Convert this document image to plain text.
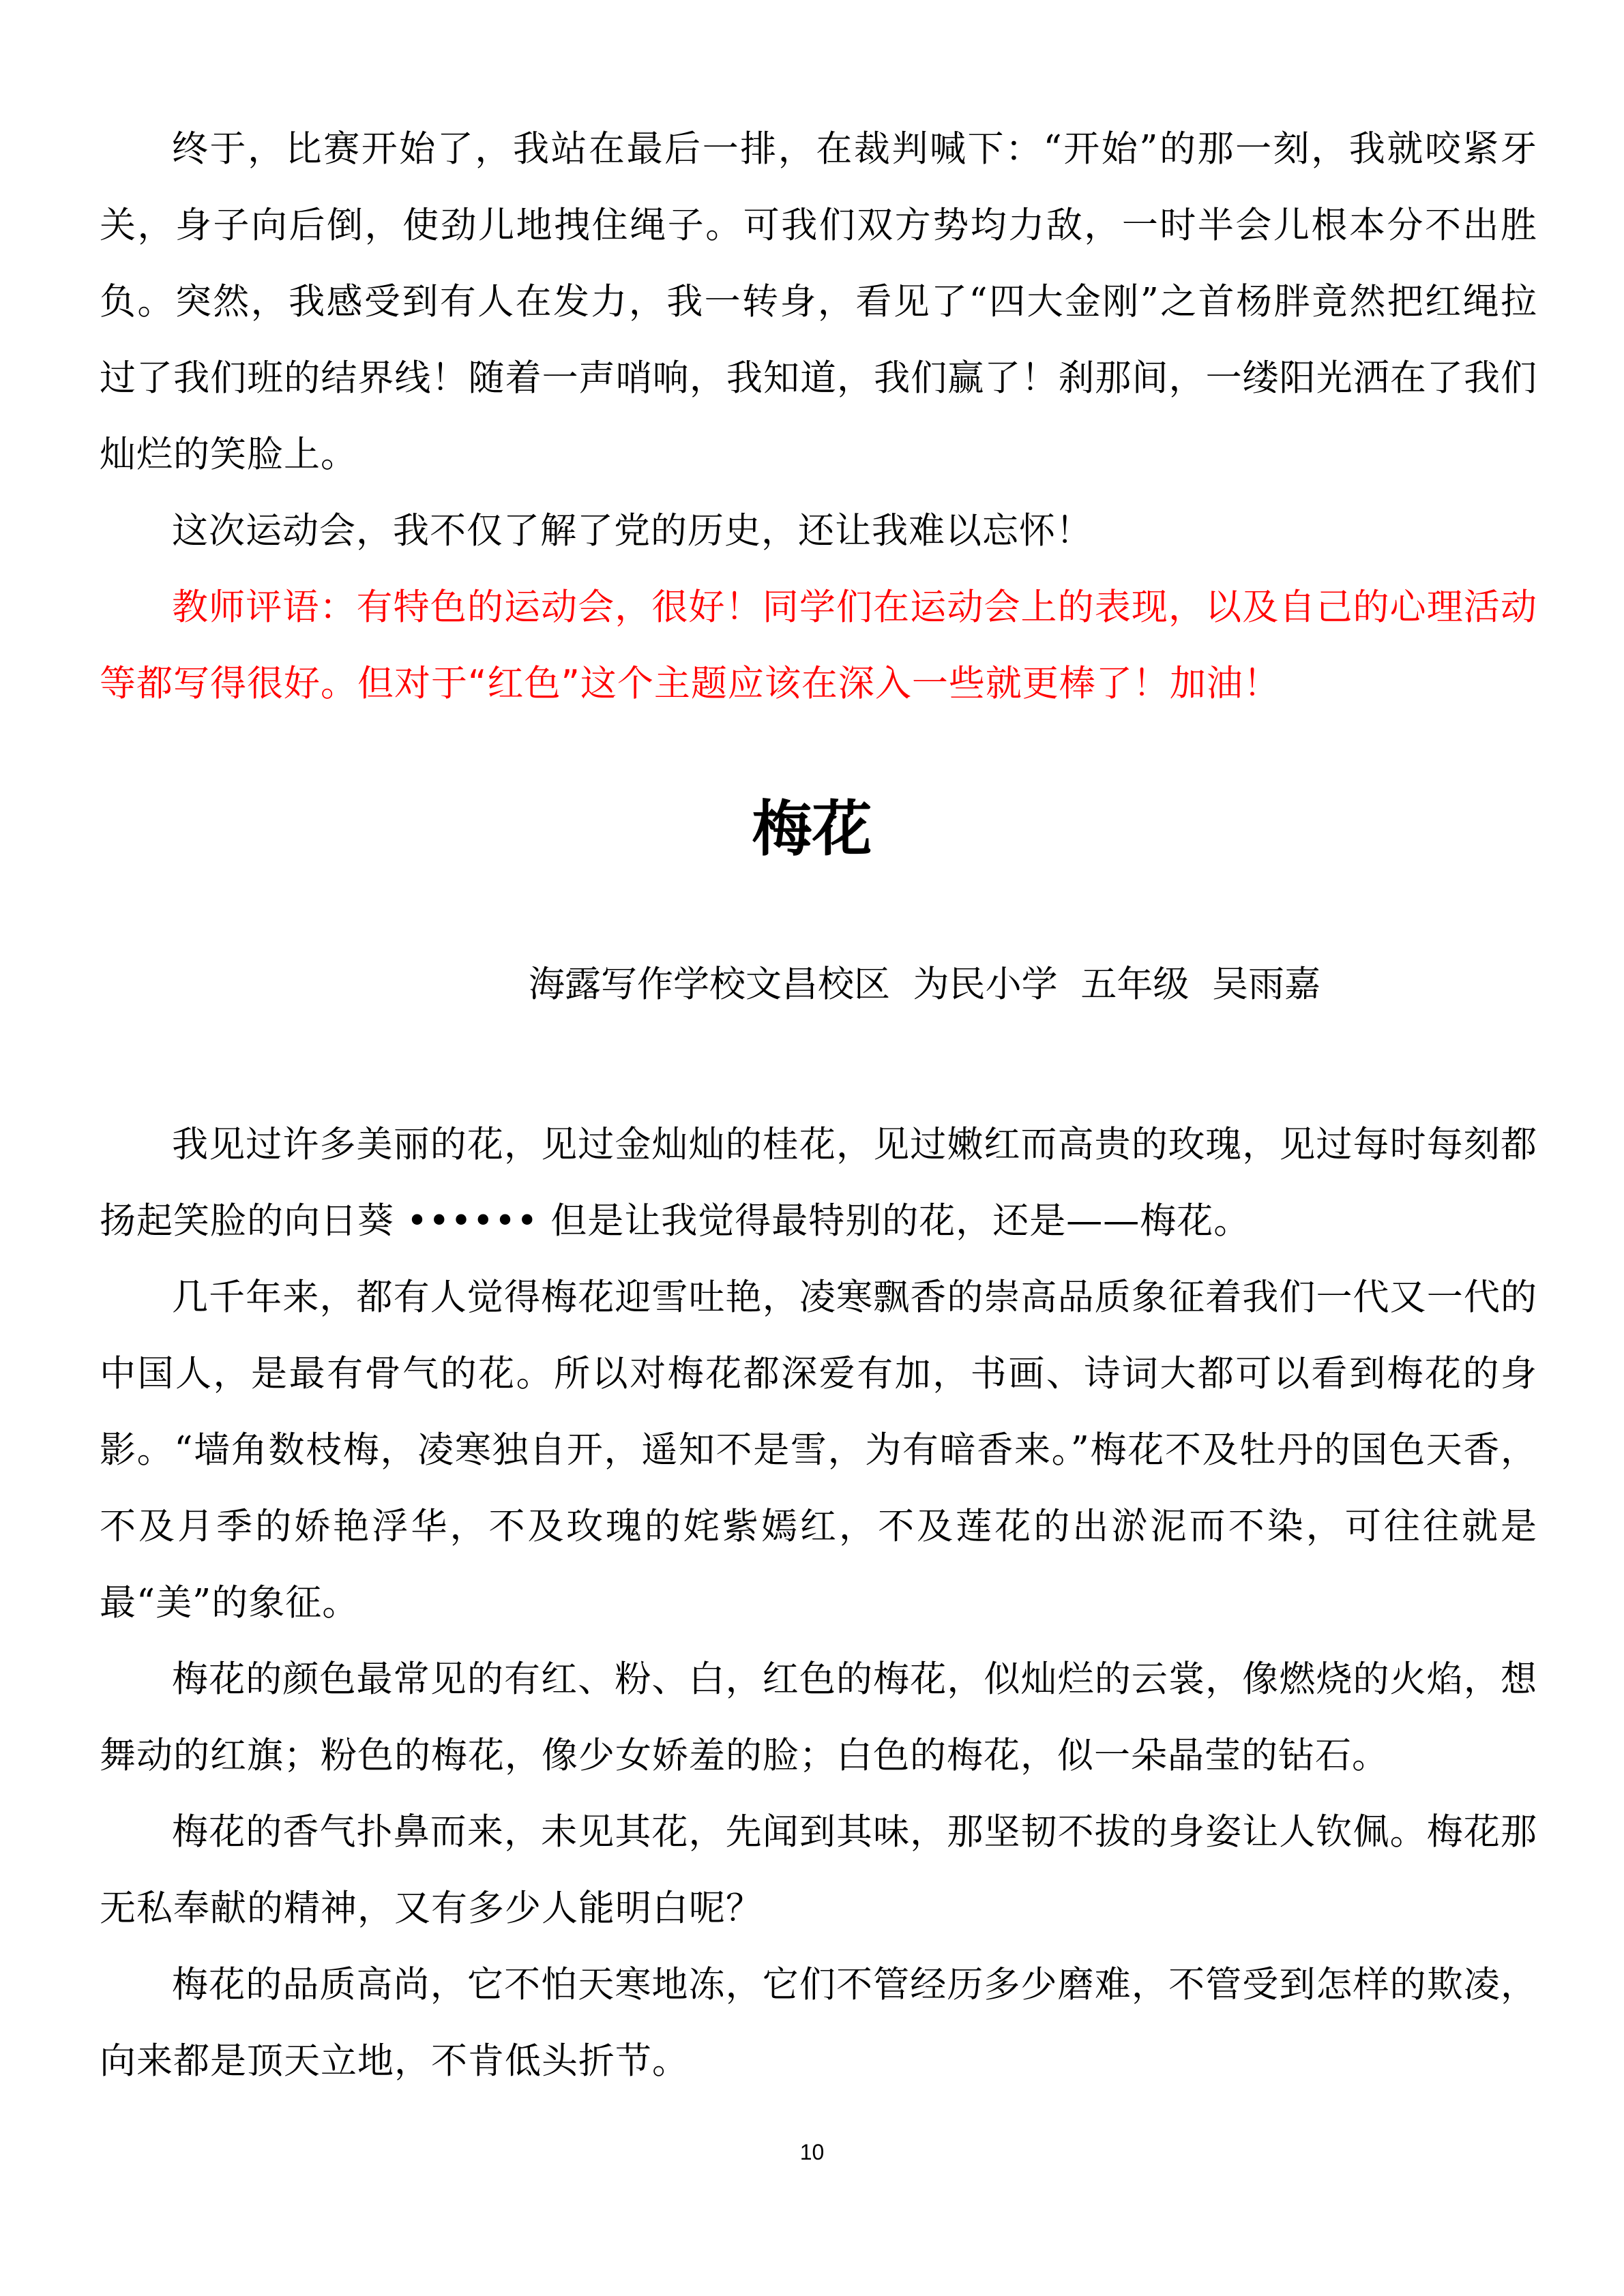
终于，比赛开始了，我站在最后一排，在裁判喊下：“开始”的那一刻，我就咬紧牙关，身子向后倒，使劲儿地拽住绳子。可我们双方势均力敌，一时半会儿根本分不出胜负。突然，我感受到有人在发力，我一转身，看见了“四大金刚”之首杨胖竟然把红绳拉过了我们班的结界线！随着一声哨响，我知道，我们赢了！刹那间，一缕阳光洒在了我们灿烂的笑脸上。

这次运动会，我不仅了解了党的历史，还让我难以忘怀！

教师评语：有特色的运动会，很好！同学们在运动会上的表现，以及自己的心理活动等都写得很好。但对于“红色”这个主题应该在深入一些就更棒了！加油！

梅花

海露写作学校文昌校区  为民小学  五年级  吴雨嘉

我见过许多美丽的花，见过金灿灿的桂花，见过嫩红而高贵的玫瑰，见过每时每刻都扬起笑脸的向日葵 •••••• 但是让我觉得最特别的花，还是——梅花。

几千年来，都有人觉得梅花迎雪吐艳，凌寒飘香的崇高品质象征着我们一代又一代的中国人，是最有骨气的花。所以对梅花都深爱有加，书画、诗词大都可以看到梅花的身影。“墙角数枝梅，凌寒独自开，遥知不是雪，为有暗香来。”梅花不及牡丹的国色天香，不及月季的娇艳浮华，不及玫瑰的姹紫嫣红，不及莲花的出淤泥而不染，可往往就是最“美”的象征。

梅花的颜色最常见的有红、粉、白，红色的梅花，似灿烂的云裳，像燃烧的火焰，想舞动的红旗；粉色的梅花，像少女娇羞的脸；白色的梅花，似一朵晶莹的钻石。

梅花的香气扑鼻而来，未见其花，先闻到其味，那坚韧不拔的身姿让人钦佩。梅花那无私奉献的精神，又有多少人能明白呢？

梅花的品质高尚，它不怕天寒地冻，它们不管经历多少磨难，不管受到怎样的欺凌，向来都是顶天立地，不肯低头折节。

10
